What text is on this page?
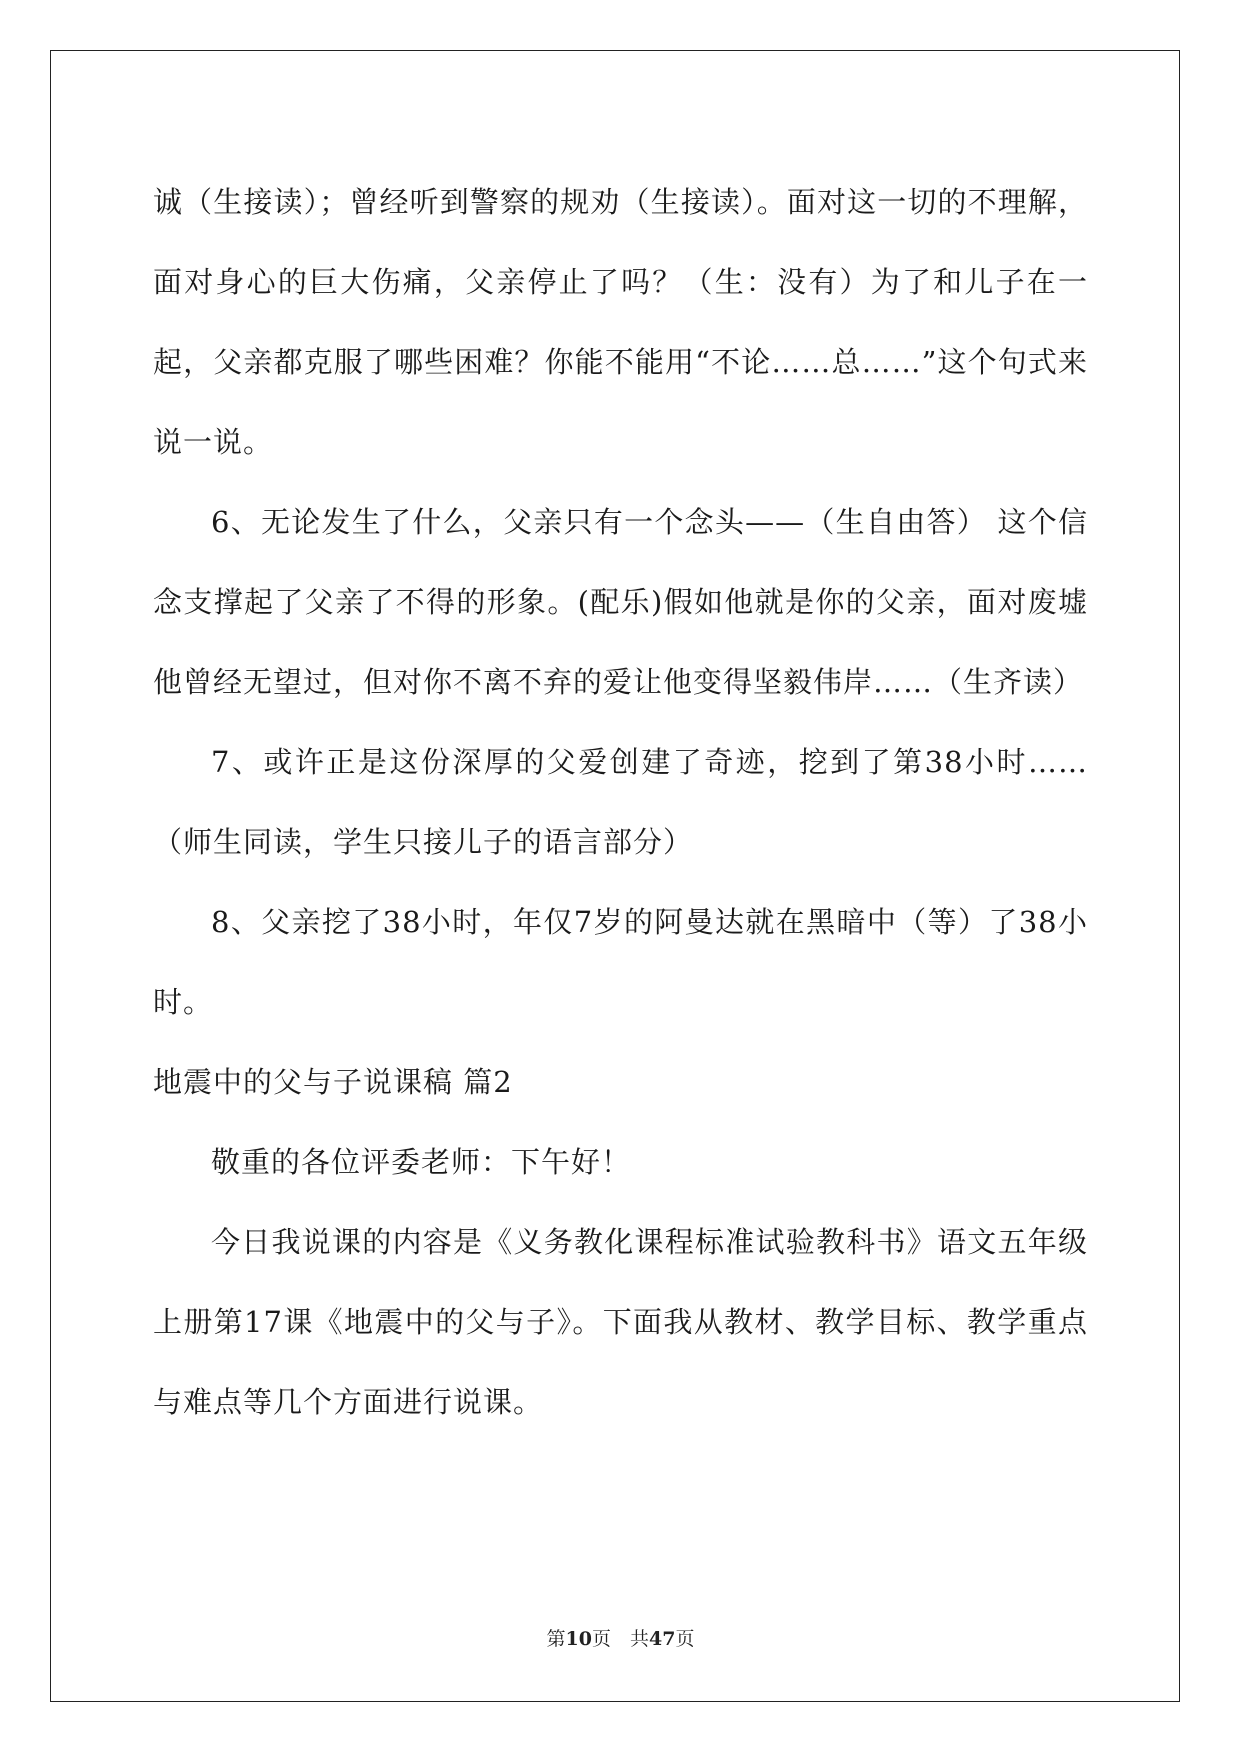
诚（生接读）；曾经听到警察的规劝（生接读）。面对这一切的不理解，面对身心的巨大伤痛，父亲停止了吗？（生：没有）为了和儿子在一起，父亲都克服了哪些困难？你能不能用“不论……总……”这个句式来说一说。

6、无论发生了什么，父亲只有一个念头——（生自由答） 这个信念支撑起了父亲了不得的形象。(配乐)假如他就是你的父亲，面对废墟他曾经无望过，但对你不离不弃的爱让他变得坚毅伟岸……（生齐读）

7、或许正是这份深厚的父爱创建了奇迹，挖到了第38小时……（师生同读，学生只接儿子的语言部分）

8、父亲挖了38小时，年仅7岁的阿曼达就在黑暗中（等）了38小时。

地震中的父与子说课稿 篇2

敬重的各位评委老师：下午好！

今日我说课的内容是《义务教化课程标准试验教科书》语文五年级上册第17课《地震中的父与子》。下面我从教材、教学目标、教学重点与难点等几个方面进行说课。

第10页　共47页
